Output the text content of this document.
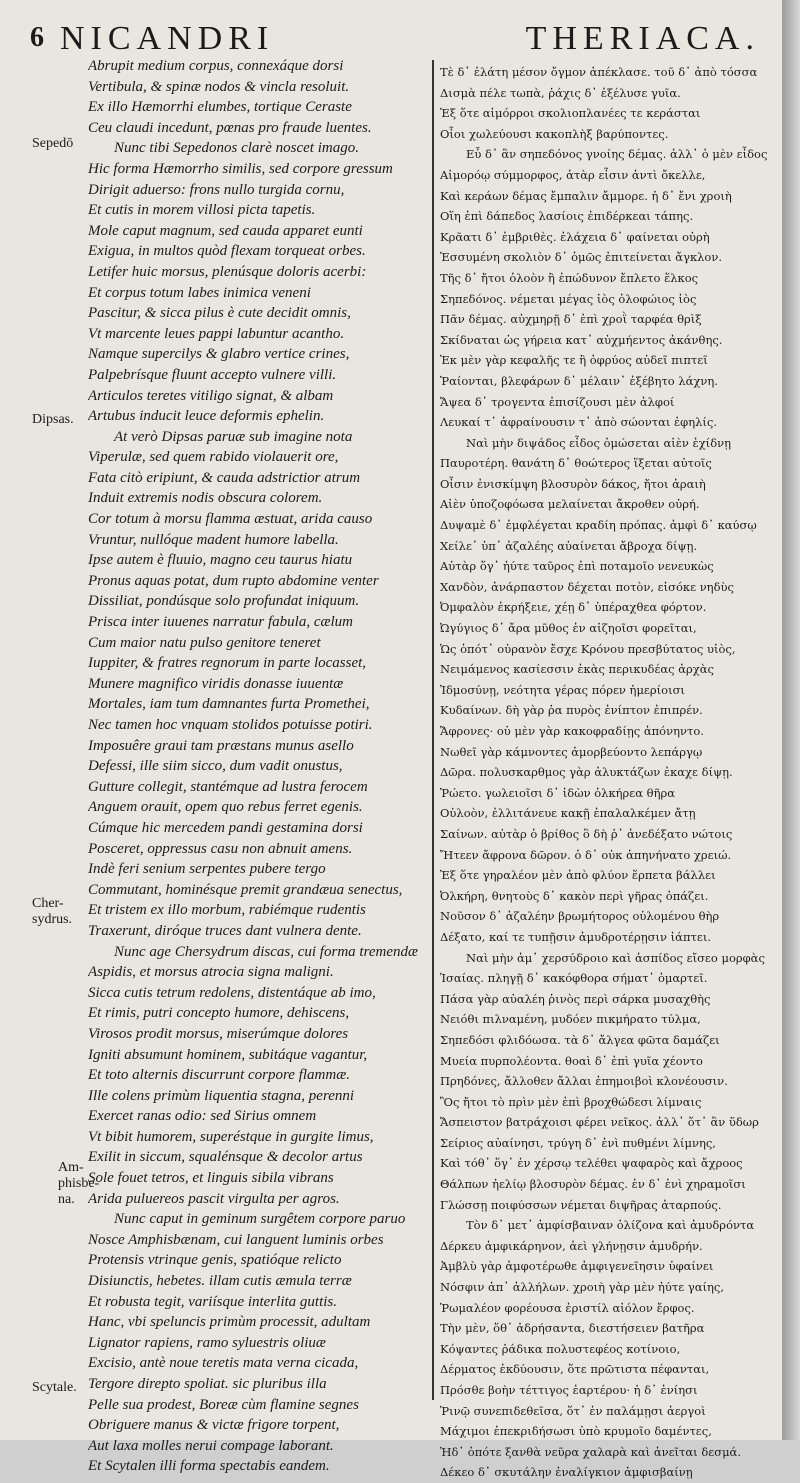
NICANDRI	THERIACA.
6
Sepedō
Dipsas.
Cher-
sydrus.
Am-
phisbe-
na.
Scytale.
Abrupit medium corpus, connexáque dorsi
Vertibula, & spinæ nodos & vincla resoluit.
Ex illo Hæmorrhi elumbes, tortique Ceraste
Ceu claudi incedunt, pœnas pro fraude luentes.
Nunc tibi Sepedonos clarè noscet imago.
Hic forma Hæmorrho similis, sed corpore gressum
Dirigit aduerso: frons nullo turgida cornu,
Et cutis in morem villosi picta tapetis.
Mole caput magnum, sed cauda apparet eunti
Exigua, in multos quòd flexam torqueat orbes.
Letifer huic morsus, plenúsque doloris acerbi:
Et corpus totum labes inimica veneni
Pascitur, & sicca pilus è cute decidit omnis,
Vt marcente leues pappi labuntur acantho.
Namque supercilys & glabro vertice crines,
Palpebrísque fluunt accepto vulnere villi.
Articulos teretes vitiligo signat, & albam
Artubus inducit leuce deformis ephelin.
At verò Dipsas paruæ sub imagine nota
Viperulæ, sed quem rabido violauerit ore,
Fata citò eripiunt, & cauda adstrictior atrum
Induit extremis nodis obscura colorem.
Cor totum à morsu flamma æstuat, arida causo
Vruntur, nullóque madent humore labella.
Ipse autem è fluuio, magno ceu taurus hiatu
Pronus aquas potat, dum rupto abdomine venter
Dissiliat, pondúsque solo profundat iniquum.
Prisca inter iuuenes narratur fabula, cælum
Cum maior natu pulso genitore teneret
Iuppiter, & fratres regnorum in parte locasset,
Munere magnifico viridis donasse iuuentæ
Mortales, iam tum damnantes furta Promethei,
Nec tamen hoc vnquam stolidos potuisse potiri.
Imposuêre graui tam præstans munus asello
Defessi, ille siim sicco, dum vadit onustus,
Gutture collegit, stantémque ad lustra ferocem
Anguem orauit, opem quo rebus ferret egenis.
Cúmque hic mercedem pandi gestamina dorsi
Posceret, oppressus casu non abnuit amens.
Indè feri senium serpentes pubere tergo
Commutant, hominésque premit grandæua senectus,
Et tristem ex illo morbum, rabiémque rudentis
Traxerunt, diróque truces dant vulnera dente.
Nunc age Chersydrum discas, cui forma tremendæ
Aspidis, et morsus atrocia signa maligni.
Sicca cutis tetrum redolens, distentáque ab imo,
Et rimis, putri concepto humore, dehiscens,
Virosos prodit morsus, miserúmque dolores
Igniti absumunt hominem, subitáque vagantur,
Et toto alternis discurrunt corpore flammæ.
Ille colens primùm liquentia stagna, perenni
Exercet ranas odio: sed Sirius omnem
Vt bibit humorem, superéstque in gurgite limus,
Exilit in siccum, squalénsque & decolor artus
Sole fouet tetros, et linguis sibila vibrans
Arida puluereos pascit virgulta per agros.
Nunc caput in geminum surgêtem corpore paruo
Nosce Amphisbænam, cui languent luminis orbes
Protensis vtrinque genis, spatióque relicto
Disiunctis, hebetes. illam cutis æmula terræ
Et robusta tegit, variísque interlita guttis.
Hanc, vbi speluncis primùm processit, adultam
Lignator rapiens, ramo syluestris oliuæ
Excisio, antè noue teretis mata verna cicada,
Tergore direpto spoliat. sic pluribus illa
Pelle sua prodest, Boreæ cùm flamine segnes
Obriguere manus & victæ frigore torpent,
Aut laxa molles nerui compage laborant.
Et Scytalen illi forma spectabis eandem.
Τὲ δ᾽ ἐλάτη μέσον ὄγμον ἀπέκλασε. τοῦ δ᾽ ἀπὸ τόσσα
Δισμὰ πέλε τωπὰ, ῥάχις δ᾽ ἐξέλυσε γυῖα.
Ἐξ ὅτε αἱμόρροι σκολιοπλανέες τε κεράσται
Οἷοι χωλεύουσι κακοπλὴξ βαρύποντες.
Εὖ δ᾽ ἂν σηπεδόνος γνοίης δέμας. ἀλλ᾽ ὁ μὲν εἶδος
Αἱμορόῳ σύμμορφος, ἀτὰρ εἶσιν ἀντὶ ὄκελλε,
Καὶ κεράων δέμας ἔμπαλιν ἄμμορε. ἡ δ᾽ ἔνι χροιὴ
Οἵη ἐπὶ δάπεδος λασίοις ἐπιδέρκεαι τάπης.
Κρᾶατι δ᾽ ἐμβριθὲς. ἐλάχεια δ᾽ φαίνεται οὐρὴ
Ἐσσυμένη σκολιὸν δ᾽ ὁμῶς ἐπιτείνεται ἄγκλον.
Τῆς δ᾽ ἤτοι ὀλοὸν ἢ ἐπώδυνον ἔπλετο ἕλκος
Σηπεδόνος. νέμεται μέγας ἰὸς ὀλοφώιος ἰὸς
Πᾶν δέμας. αὐχμηρῇ δ᾽ ἐπὶ χροῒ ταρφέα θρὶξ
Σκίδναται ὡς γήρεια κατ᾽ αὐχμήεντος ἀκάνθης.
Ἐκ μὲν γὰρ κεφαλῆς τε ἢ ὀφρύος αὐδεῖ πιπτεῖ
Ῥαίονται, βλεφάρων δ᾽ μέλαιν᾽ ἐξέβητο λάχνη.
Ἄψεα δ᾽ τρογεντα ἐπισίζουσι μὲν ἀλφοί
Λευκαί τ᾽ ἀφραίνουσιν τ᾽ ἀπὸ σώονται ἐφηλίς.
Ναὶ μὴν διψάδος εἶδος ὁμώσεται αἰὲν ἐχίδνῃ
Παυροτέρη. θανάτη δ᾽ θοώτερος ἵξεται αὐτοῖς
Οἷσιν ἐνισκίμψη βλοσυρὸν δάκος, ἤτοι ἀραιὴ
Αἰὲν ὑποζοφόωσα μελαίνεται ἄκροθεν οὐρή.
Δυψαμὲ δ᾽ ἐμφλέγεται κραδίη πρόπας. ἀμφὶ δ᾽ καύσῳ
Χείλε᾽ ὑπ᾽ ἀζαλέης αὐαίνεται ἄβροχα δίψῃ.
Αὐτὰρ ὅγ᾽ ἠύτε ταῦρος ἐπὶ ποταμοῖο νενευκὼς
Χανδὸν, ἀνάρπαστον δέχεται ποτὸν, εἰσόκε νηδὺς
Ὀμφαλὸν ἐκρήξειε, χέῃ δ᾽ ὑπέραχθεα φόρτον.
Ὠγύγιος δ᾽ ἄρα μῦθος ἐν αἰζηοῖσι φορεῖται,
Ὡς ὁπότ᾽ οὐρανὸν ἔσχε Κρόνου πρεσβύτατος υἱὸς,
Νειμάμενος κασίεσσιν ἑκὰς περικυδέας ἀρχὰς
Ἰδμοσύνῃ, νεότητα γέρας πόρεν ἡμερίοισι
Κυδαίνων. δὴ γὰρ ῥα πυρὸς ἐνίπτον ἐπιπρέν.
Ἄφρονες· οὐ μὲν γὰρ κακοφραδίῃς ἀπόνηντο.
Νωθεῖ γὰρ κάμνοντες ἀμορβεύοντο λεπάργῳ
Δῶρα. πολυσκαρθμος γὰρ ἀλυκτάζων ἐκαχε δίψῃ.
Ῥώετο. γωλειοῖσι δ᾽ ἰδὼν ὀλκήρεα θῆρα
Οὐλοὸν, ἐλλιτάνευε κακῇ ἐπαλαλκέμεν ἄτῃ
Σαίνων. αὐτὰρ ὁ βρίθος ὃ δὴ ῥ᾽ ἀνεδέξατο νώτοις
Ἤτεεν ἄφρονα δῶρον. ὁ δ᾽ οὐκ ἀπηνήνατο χρειώ.
Ἐξ ὅτε γηραλέον μὲν ἀπὸ φλύον ἕρπετα βάλλει
Ὀλκήρη, θνητοὺς δ᾽ κακὸν περὶ γῆρας ὀπάζει.
Νοῦσον δ᾽ ἀζαλέην βρωμήτορος οὐλομένου θὴρ
Δέξατο, καί τε τυπῇσιν ἀμυδροτέρῃσιν ἰάπτει.
Ναὶ μὴν ἀμ᾽ χερσύδροιο καὶ ἀσπίδος εἴσεο μορφὰς
Ἰσαίας. πληγῇ δ᾽ κακόφθορα σήματ᾽ ὁμαρτεῖ.
Πάσα γὰρ αὐαλέη ῥινὸς περὶ σάρκα μυσαχθὴς
Νειόθι πιλναμένη, μυδόεν πικμήρατο τύλμα,
Σηπεδόσι φλιδόωσα. τὰ δ᾽ ἄλγεα φῶτα δαμάζει
Μυεία πυρπολέοντα. θοαὶ δ᾽ ἐπὶ γυῖα χέοντο
Πρηδόνες, ἄλλοθεν ἄλλαι ἐπημοιβοὶ κλονέουσιν.
Ὃς ἤτοι τὸ πρὶν μὲν ἐπὶ βροχθώδεσι λίμναις
Ἄσπειστον βατράχοισι φέρει νεῖκος. ἀλλ᾽ ὅτ᾽ ἂν ὕδωρ
Σείριος αὐαίνησι, τρύγη δ᾽ ἐνὶ πυθμένι λίμνης,
Καὶ τόθ᾽ ὅγ᾽ ἐν χέρσῳ τελέθει ψαφαρὸς καὶ ἄχροος
Θάλπων ἠελίῳ βλοσυρὸν δέμας. ἐν δ᾽ ἐνὶ χηραμοῖσι
Γλώσσῃ ποιφύσσων νέμεται διψῆρας ἀταρπούς.
Τὸν δ᾽ μετ᾽ ἀμφίσβαιναν ὀλίζονα καὶ ἀμυδρόντα
Δέρκευ ἀμφικάρηνον, ἀεὶ γλήνῃσιν ἀμυδρήν.
Ἀμβλὺ γὰρ ἀμφοτέρωθε ἀμφιγενεῖησιν ὑφαίνει
Νόσφιν ἀπ᾽ ἀλλήλων. χροιὴ γὰρ μὲν ἠύτε γαίης,
Ῥωμαλέον φορέουσα ἐριστίλ αἰόλον ἔρφος.
Τὴν μὲν, ὅθ᾽ ἀδρήσαντα, διεστήσειεν βατῆρα
Κόψαντες ῥάδικα πολυστεφέος κοτίνοιο,
Δέρματος ἐκδύουσιν, ὅτε πρῶτιστα πέφανται,
Πρόσθε βοὴν τέττιγος ἐαρτέρου· ἡ δ᾽ ἐνίησι
Ῥινῷ συνεπιδεθεῖσα, ὅτ᾽ ἐν παλάμῃσι ἀεργοὶ
Μάχιμοι ἐπεκριδήσωσι ὑπὸ κρυμοῖο δαμέντες,
Ἠδ᾽ ὁπότε ξανθὰ νεῦρα χαλαρὰ καὶ ἀνεῖται δεσμά.
Δέκεο δ᾽ σκυτάλην ἐναλίγκιον ἀμφισβαίνῃ
